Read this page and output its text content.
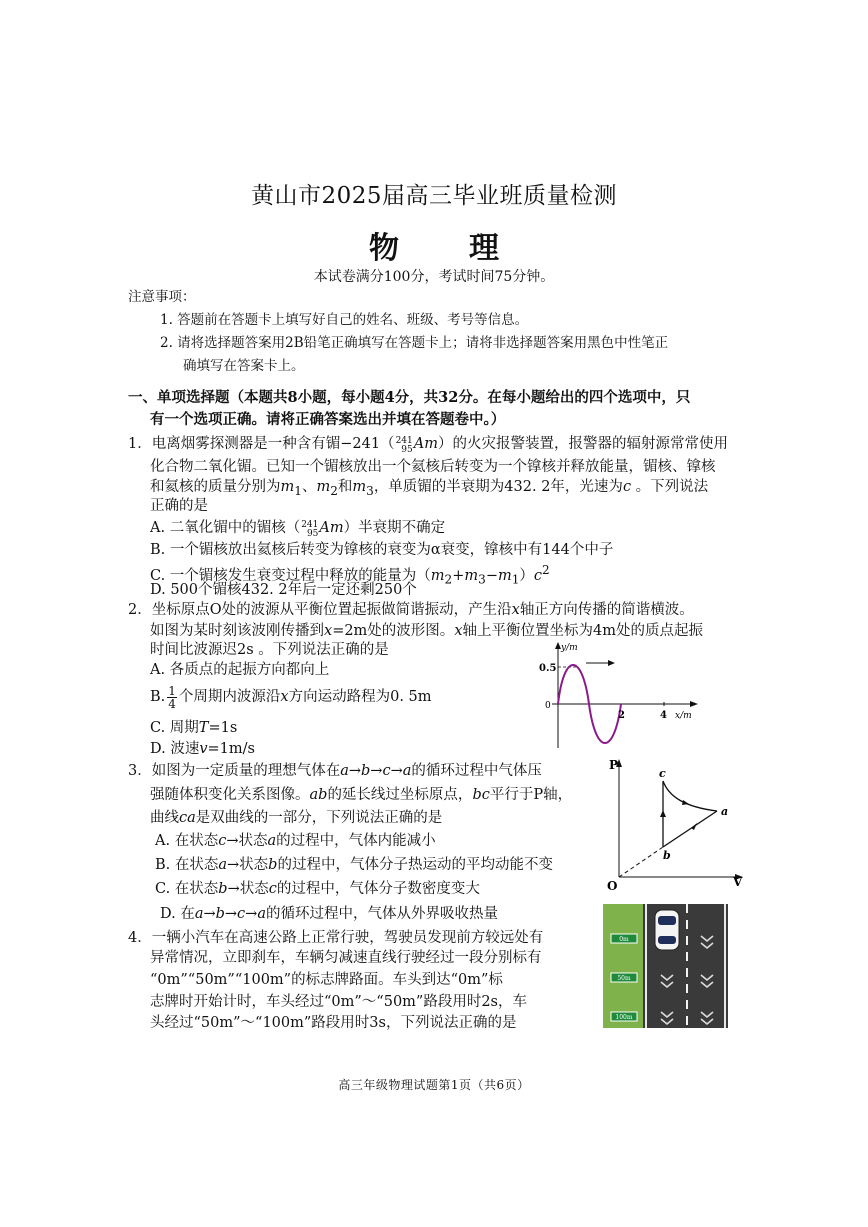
黄山市2025届高三毕业班质量检测
物理
本试卷满分100分，考试时间75分钟。
注意事项：
1. 答题前在答题卡上填写好自己的姓名、班级、考号等信息。
2. 请将选择题答案用2B铅笔正确填写在答题卡上；请将非选择题答案用黑色中性笔正
确填写在答案卡上。
一、单项选择题（本题共8小题，每小题4分，共32分。在每小题给出的四个选项中，只
有一个选项正确。请将正确答案选出并填在答题卷中。）
1．电离烟雾探测器是一种含有镅−241（ 241
95 Am）的火灾报警装置，报警器的辐射源常常使用
化合物二氧化镅。已知一个镅核放出一个氦核后转变为一个镎核并释放能量，镅核、镎核
和氦核的质量分别为$m_1$、$m_2$和$m_3$，单质镅的半衰期为432. 2年，光速为c 。下列说法
正确的是
A. 二氧化镅中的镅核（ 241
95 Am）半衰期不确定
B. 一个镅核放出氦核后转变为镎核的衰变为α衰变，镎核中有144个中子
C. 一个镅核发生衰变过程中释放的能量为$(m_2+m_3-m_1)c^2$
D. 500个镅核432. 2年后一定还剩250个
2．坐标原点O处的波源从平衡位置起振做简谐振动，产生沿x轴正方向传播的简谐横波。
如图为某时刻该波刚传播到x=2m处的波形图。x轴上平衡位置坐标为4m处的质点起振
时间比波源迟2s 。下列说法正确的是
A. 各质点的起振方向都向上
B. $\frac{1}{4}$ 个周期内波源沿x方向运动路程为0. 5m
C. 周期T=1s
D. 波速v=1m/s
y/m
x/m
0.5
0
2	4
3．如图为一定质量的理想气体在a→b→c→a的循环过程中气体压
强随体积变化关系图像。ab的延长线过坐标原点，bc平行于P轴，
曲线ca是双曲线的一部分，下列说法正确的是
A. 在状态c→状态a的过程中，气体内能减小
B. 在状态a→状态b的过程中，气体分子热运动的平均动能不变
C. 在状态b→状态c的过程中，气体分子数密度变大
D. 在a→b→c→a的循环过程中，气体从外界吸收热量
P
V
O
a
b
c
4．一辆小汽车在高速公路上正常行驶，驾驶员发现前方较远处有
异常情况，立即刹车，车辆匀减速直线行驶经过一段分别标有
“0m”“50m”“100m”的标志牌路面。车头到达“0m”标
志牌时开始计时，车头经过“0m”～“50m”路段用时2s，车
头经过“50m”～“100m”路段用时3s，下列说法正确的是
0m
50m
100m
高三年级物理试题第1页（共6页）
